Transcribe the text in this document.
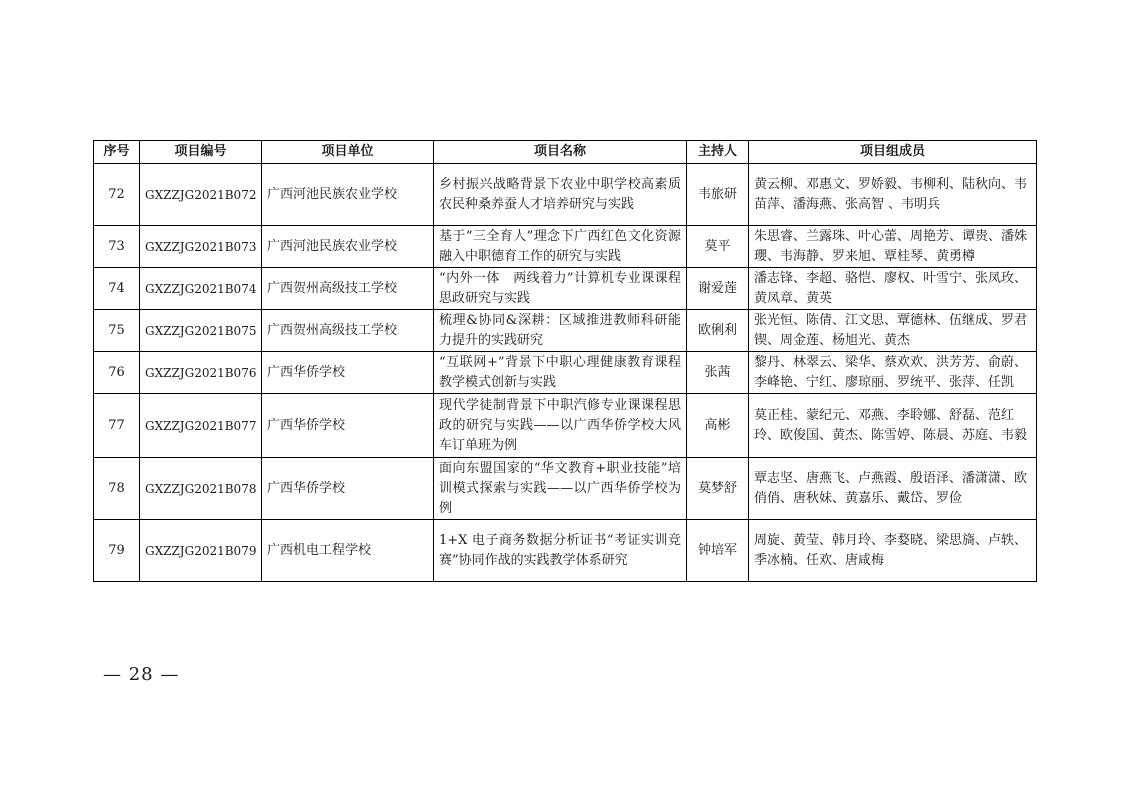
序号	项目编号	项目单位	项目名称	主持人	项目组成员
72	GXZZJG2021B072	广西河池民族农业学校	乡村振兴战略背景下农业中职学校高素质农民种桑养蚕人才培养研究与实践	韦旅研	黄云柳、邓惠文、罗娇毅、韦柳利、陆秋向、韦苗萍、潘海燕、张高智 、韦明兵
73	GXZZJG2021B073	广西河池民族农业学校	基于“三全育人”理念下广西红色文化资源融入中职德育工作的研究与实践	莫平	朱思睿、兰露珠、叶心蕾、周艳芳、谭贵、潘姝瓔、韦海静、罗来旭、覃桂琴、黄勇樽
74	GXZZJG2021B074	广西贺州高级技工学校	“内外一体　两线着力”计算机专业课课程思政研究与实践	谢爱莲	潘志锋、李超、骆恺、廖权、叶雪宁、张凤玫、黄凤章、黄英
75	GXZZJG2021B075	广西贺州高级技工学校	梳理&协同&深耕：区域推进教师科研能力提升的实践研究	欧俐利	张光恒、陈倩、江文思、覃德林、伍继成、罗君锲、周金莲、杨旭光、黄杰
76	GXZZJG2021B076	广西华侨学校	“互联网+”背景下中职心理健康教育课程教学模式创新与实践	张茜	黎丹、林翠云、梁华、蔡欢欢、洪芳芳、俞蔚、李峰艳、宁红、廖琼丽、罗统平、张萍、任凯
77	GXZZJG2021B077	广西华侨学校	现代学徒制背景下中职汽修专业课课程思政的研究与实践——以广西华侨学校大风车订单班为例	高彬	莫正桂、蒙纪元、邓燕、李聆娜、舒磊、范红玲、欧俊国、黄杰、陈雪婷、陈晨、苏庭、韦毅
78	GXZZJG2021B078	广西华侨学校	面向东盟国家的“华文教育+职业技能”培训模式探索与实践——以广西华侨学校为例	莫梦舒	覃志坚、唐燕飞、卢燕霞、殷语泽、潘潇潇、欧俏俏、唐秋妹、黄嘉乐、戴岱、罗俭
79	GXZZJG2021B079	广西机电工程学校	1+X 电子商务数据分析证书“考证实训竞赛”协同作战的实践教学体系研究	钟培军	周旋、黄莹、韩月玲、李婺晓、梁思旖、卢轶、季冰楠、任欢、唐咸梅
— 28 —
